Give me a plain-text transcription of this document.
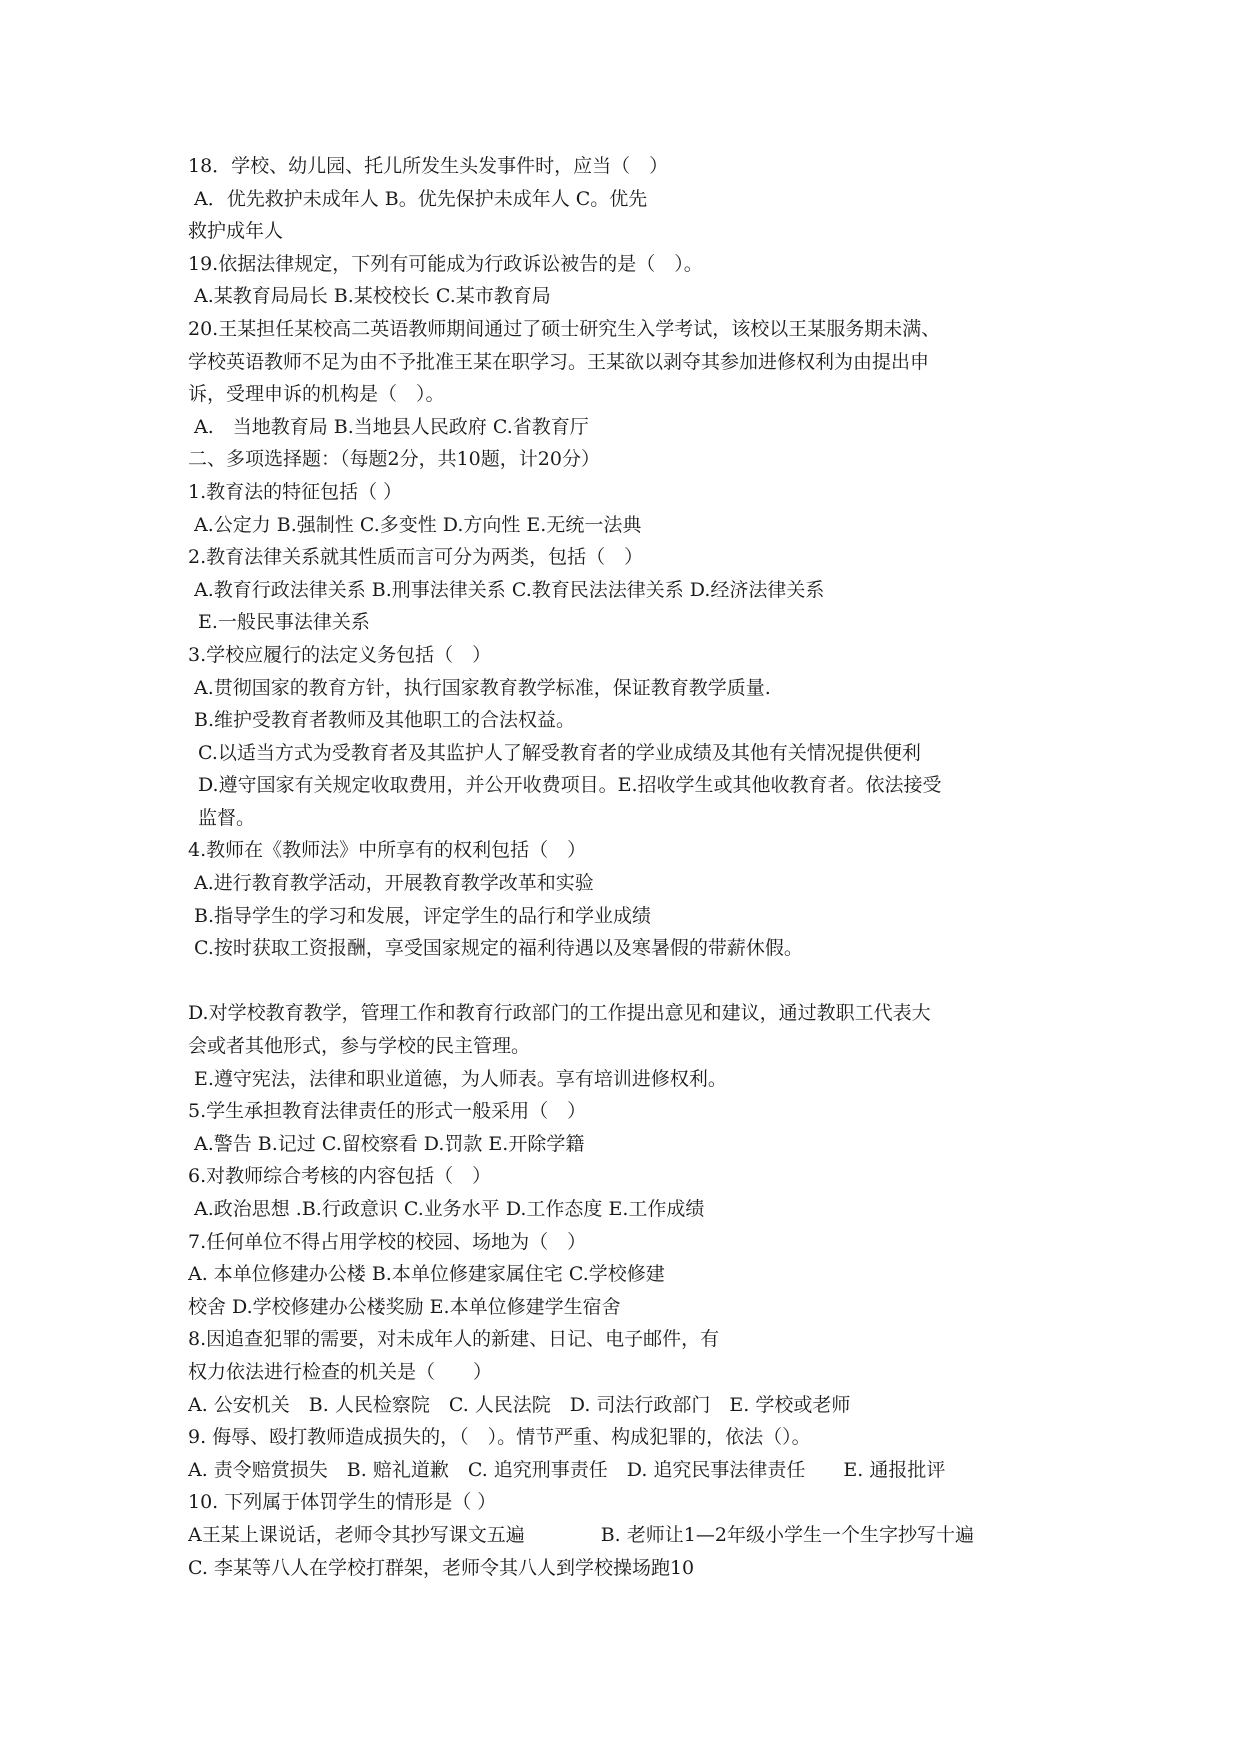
18．学校、幼儿园、托儿所发生头发事件时，应当（　）
A．优先救护未成年人 B。优先保护未成年人 C。优先
救护成年人
19.依据法律规定，下列有可能成为行政诉讼被告的是（　）。
A.某教育局局长 B.某校校长 C.某市教育局
20.王某担任某校高二英语教师期间通过了硕士研究生入学考试，该校以王某服务期未满、
学校英语教师不足为由不予批准王某在职学习。王某欲以剥夺其参加进修权利为由提出申
诉，受理申诉的机构是（　）。
A.　当地教育局 B.当地县人民政府 C.省教育厅
二、多项选择题：（每题2分，共10题，计20分）
1.教育法的特征包括（ ）
A.公定力 B.强制性 C.多变性 D.方向性 E.无统一法典
2.教育法律关系就其性质而言可分为两类，包括（　）
A.教育行政法律关系 B.刑事法律关系 C.教育民法法律关系 D.经济法律关系
E.一般民事法律关系
3.学校应履行的法定义务包括（　）
A.贯彻国家的教育方针，执行国家教育教学标准，保证教育教学质量.
B.维护受教育者教师及其他职工的合法权益。
C.以适当方式为受教育者及其监护人了解受教育者的学业成绩及其他有关情况提供便利
D.遵守国家有关规定收取费用，并公开收费项目。E.招收学生或其他收教育者。依法接受
监督。
4.教师在《教师法》中所享有的权利包括（　）
A.进行教育教学活动，开展教育教学改革和实验
B.指导学生的学习和发展，评定学生的品行和学业成绩
C.按时获取工资报酬，享受国家规定的福利待遇以及寒暑假的带薪休假。
D.对学校教育教学，管理工作和教育行政部门的工作提出意见和建议，通过教职工代表大
会或者其他形式，参与学校的民主管理。
E.遵守宪法，法律和职业道德，为人师表。享有培训进修权利。
5.学生承担教育法律责任的形式一般采用（　）
A.警告 B.记过 C.留校察看 D.罚款 E.开除学籍
6.对教师综合考核的内容包括（　）
A.政治思想 .B.行政意识 C.业务水平 D.工作态度 E.工作成绩
7.任何单位不得占用学校的校园、场地为（　）
A. 本单位修建办公楼 B.本单位修建家属住宅 C.学校修建
校舍 D.学校修建办公楼奖励 E.本单位修建学生宿舍
8.因追查犯罪的需要，对未成年人的新建、日记、电子邮件，有
权力依法进行检查的机关是（　　）
A. 公安机关　B. 人民检察院　C. 人民法院　D. 司法行政部门　E. 学校或老师
9. 侮辱、殴打教师造成损失的，（　）。情节严重、构成犯罪的，依法（）。
A. 责令赔赏损失　B. 赔礼道歉　C. 追究刑事责任　D. 追究民事法律责任　　E. 通报批评
10. 下列属于体罚学生的情形是（ ）
A王某上课说话，老师令其抄写课文五遍　　　　B. 老师让1—2年级小学生一个生字抄写十遍
C. 李某等八人在学校打群架，老师令其八人到学校操场跑10
